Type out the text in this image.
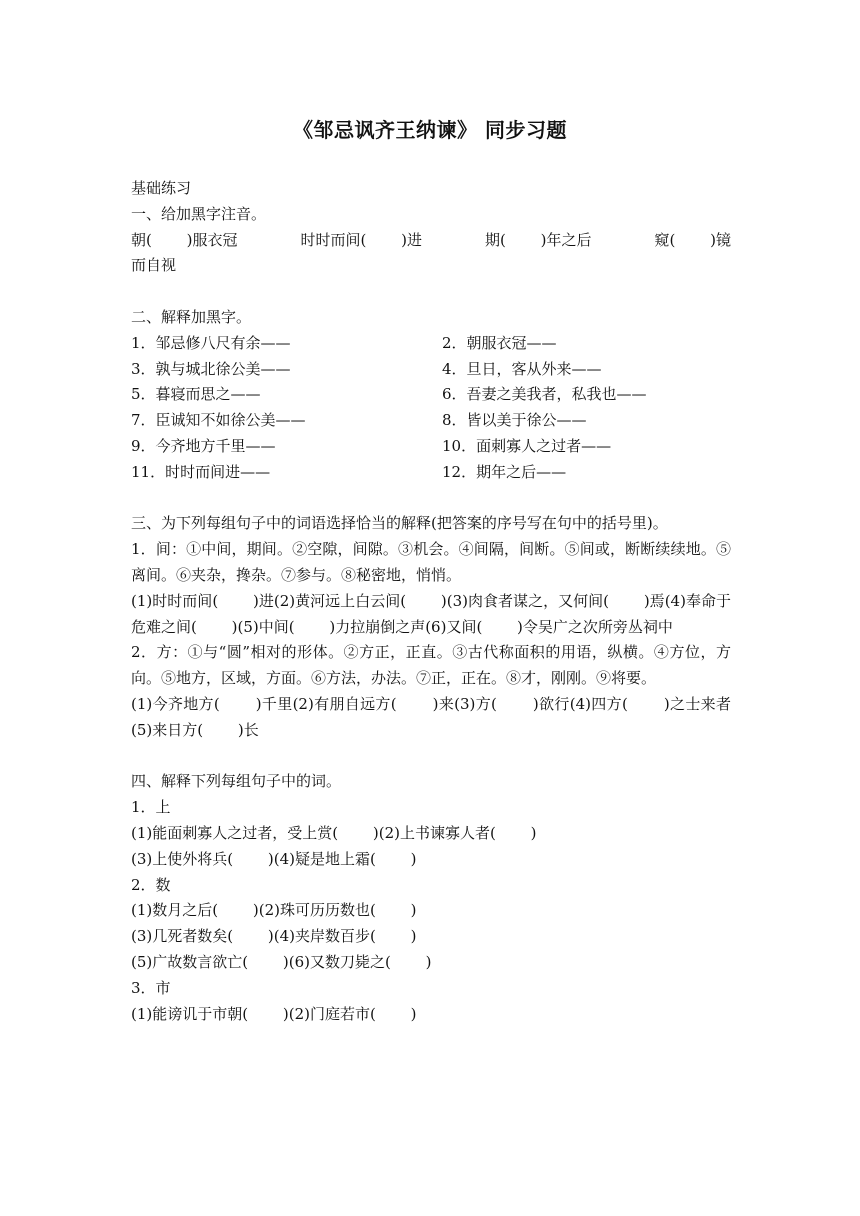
《邹忌讽齐王纳谏》 同步习题
基础练习
一、给加黑字注音。
朝(　　 )服衣冠	时时而间(　　 )进	期(　　 )年之后	窥(　　 )镜
而自视
二、解释加黑字。
1．邹忌修八尺有余——	2．朝服衣冠——
3．孰与城北徐公美——	4．旦日，客从外来——
5．暮寝而思之——	6．吾妻之美我者，私我也——
7．臣诚知不如徐公美——	8．皆以美于徐公——
9．今齐地方千里——	10．面刺寡人之过者——
11．时时而间进——	12．期年之后——
三、为下列每组句子中的词语选择恰当的解释(把答案的序号写在句中的括号里)。
1．间：①中间，期间。②空隙，间隙。③机会。④间隔，间断。⑤间或，断断续续地。⑤离间。⑥夹杂，搀杂。⑦参与。⑧秘密地，悄悄。
(1)时时而间(　　 )进(2)黄河远上白云间(　　 )(3)肉食者谋之，又何间(　　 )焉(4)奉命于危难之间(　　 )(5)中间(　　 )力拉崩倒之声(6)又间(　　 )令吴广之次所旁丛祠中
2．方：①与“圆”相对的形体。②方正，正直。③古代称面积的用语，纵横。④方位，方向。⑤地方，区域，方面。⑥方法，办法。⑦正，正在。⑧才，刚刚。⑨将要。
(1)今齐地方(　　 )千里(2)有朋自远方(　　 )来(3)方(　　 )欲行(4)四方(　　 )之士来者(5)来日方(　　 )长
四、解释下列每组句子中的词。
1．上
(1)能面刺寡人之过者，受上赏(　　 )(2)上书谏寡人者(　　 )
(3)上使外将兵(　　 )(4)疑是地上霜(　　 )
2．数
(1)数月之后(　　 )(2)珠可历历数也(　　 )
(3)几死者数矣(　　 )(4)夹岸数百步(　　 )
(5)广故数言欲亡(　　 )(6)又数刀毙之(　　 )
3．市
(1)能谤讥于市朝(　　 )(2)门庭若市(　　 )
